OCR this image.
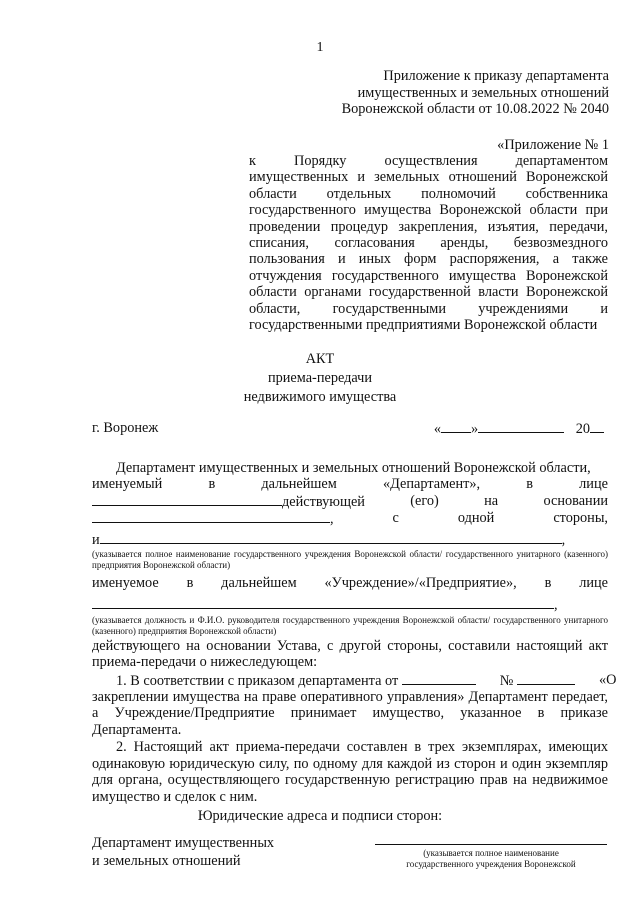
1
Приложение к приказу департамента
имущественных и земельных отношений
Воронежской области от 10.08.2022 № 2040
«Приложение № 1
к Порядку осуществления департаментом
имущественных и земельных отношений Воронежской
области отдельных полномочий собственника
государственного имущества Воронежской области при
проведении процедур закрепления, изъятия, передачи,
списания, согласования аренды, безвозмездного
пользования и иных форм распоряжения, а также
отчуждения государственного имущества Воронежской
области органами государственной власти Воронежской
области, государственными учреждениями и
государственными предприятиями Воронежской области
АКТ
приема-передачи
недвижимого имущества
г. Воронеж	« »	20
Департамент имущественных и земельных отношений Воронежской области,
именуемый	в	дальнейшем	«Департамент»,	в	лице
действующей	(его)	на	основании
,	с	одной	стороны,
и	,
(указывается полное наименование государственного учреждения Воронежской области/ государственного унитарного (казенного) предприятия Воронежской области)
именуемое в дальнейшем «Учреждение»/«Предприятие», в лице
,
(указывается должность и Ф.И.О. руководителя государственного учреждения Воронежской области/ государственного унитарного (казенного) предприятия Воронежской области)
действующего на основании Устава, с другой стороны, составили настоящий акт приема-передачи о нижеследующем:
1. В соответствии с приказом департамента от	№	«О
закреплении имущества на праве оперативного управления» Департамент передает, а Учреждение/Предприятие принимает имущество, указанное в приказе Департамента.
2. Настоящий акт приема-передачи составлен в трех экземплярах, имеющих одинаковую юридическую силу, по одному для каждой из сторон и один экземпляр для органа, осуществляющего государственную регистрацию прав на недвижимое имущество и сделок с ним.
Юридические адреса и подписи сторон:
Департамент имущественных
и земельных отношений	(указывается полное наименование
государственного учреждения Воронежской
